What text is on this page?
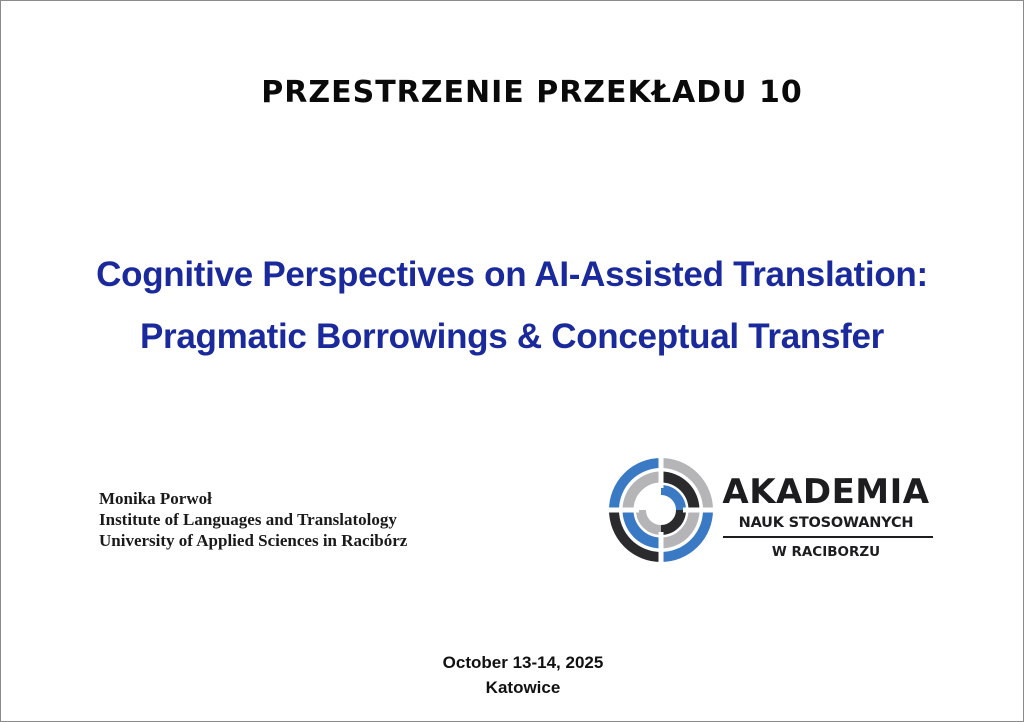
PRZESTRZENIE PRZEKŁADU 10
Cognitive Perspectives on AI-Assisted Translation:
Pragmatic Borrowings & Conceptual Transfer
Monika Porwoł
Institute of Languages and Translatology
University of Applied Sciences in Racibórz
AKADEMIA
NAUK STOSOWANYCH
W RACIBORZU

October 13-14, 2025

Katowice
